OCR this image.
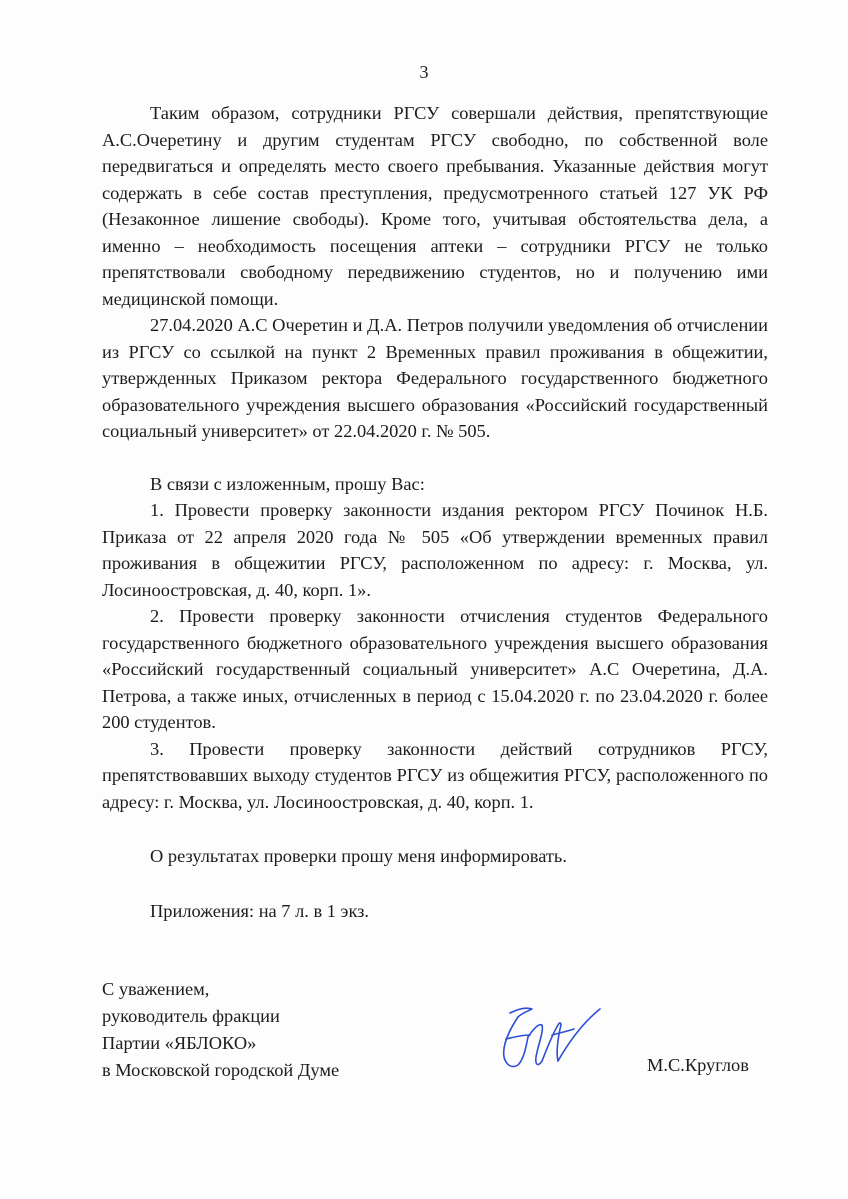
3

Таким образом, сотрудники РГСУ совершали действия, препятствующие А.С.Очеретину и другим студентам РГСУ свободно, по собственной воле передвигаться и определять место своего пребывания. Указанные действия могут содержать в себе состав преступления, предусмотренного статьей 127 УК РФ (Незаконное лишение свободы). Кроме того, учитывая обстоятельства дела, а именно – необходимость посещения аптеки – сотрудники РГСУ не только препятствовали свободному передвижению студентов, но и получению ими медицинской помощи.

27.04.2020 А.С Очеретин и Д.А. Петров получили уведомления об отчислении из РГСУ со ссылкой на пункт 2 Временных правил проживания в общежитии, утвержденных Приказом ректора Федерального государственного бюджетного образовательного учреждения высшего образования «Российский государственный социальный университет» от 22.04.2020 г. № 505.

В связи с изложенным, прошу Вас:

1. Провести проверку законности издания ректором РГСУ Починок Н.Б. Приказа от 22 апреля 2020 года № 505 «Об утверждении временных правил проживания в общежитии РГСУ, расположенном по адресу: г. Москва, ул. Лосиноостровская, д. 40, корп. 1».

2. Провести проверку законности отчисления студентов Федерального государственного бюджетного образовательного учреждения высшего образования «Российский государственный социальный университет» А.С Очеретина, Д.А. Петрова, а также иных, отчисленных в период с 15.04.2020 г. по 23.04.2020 г. более 200 студентов.

3. Провести проверку законности действий сотрудников РГСУ, препятствовавших выходу студентов РГСУ из общежития РГСУ, расположенного по адресу: г. Москва, ул. Лосиноостровская, д. 40, корп. 1.

О результатах проверки прошу меня информировать.

Приложения: на 7 л. в 1 экз.

С уважением,
руководитель фракции
Партии «ЯБЛОКО»
в Московской городской Думе	М.С.Круглов
